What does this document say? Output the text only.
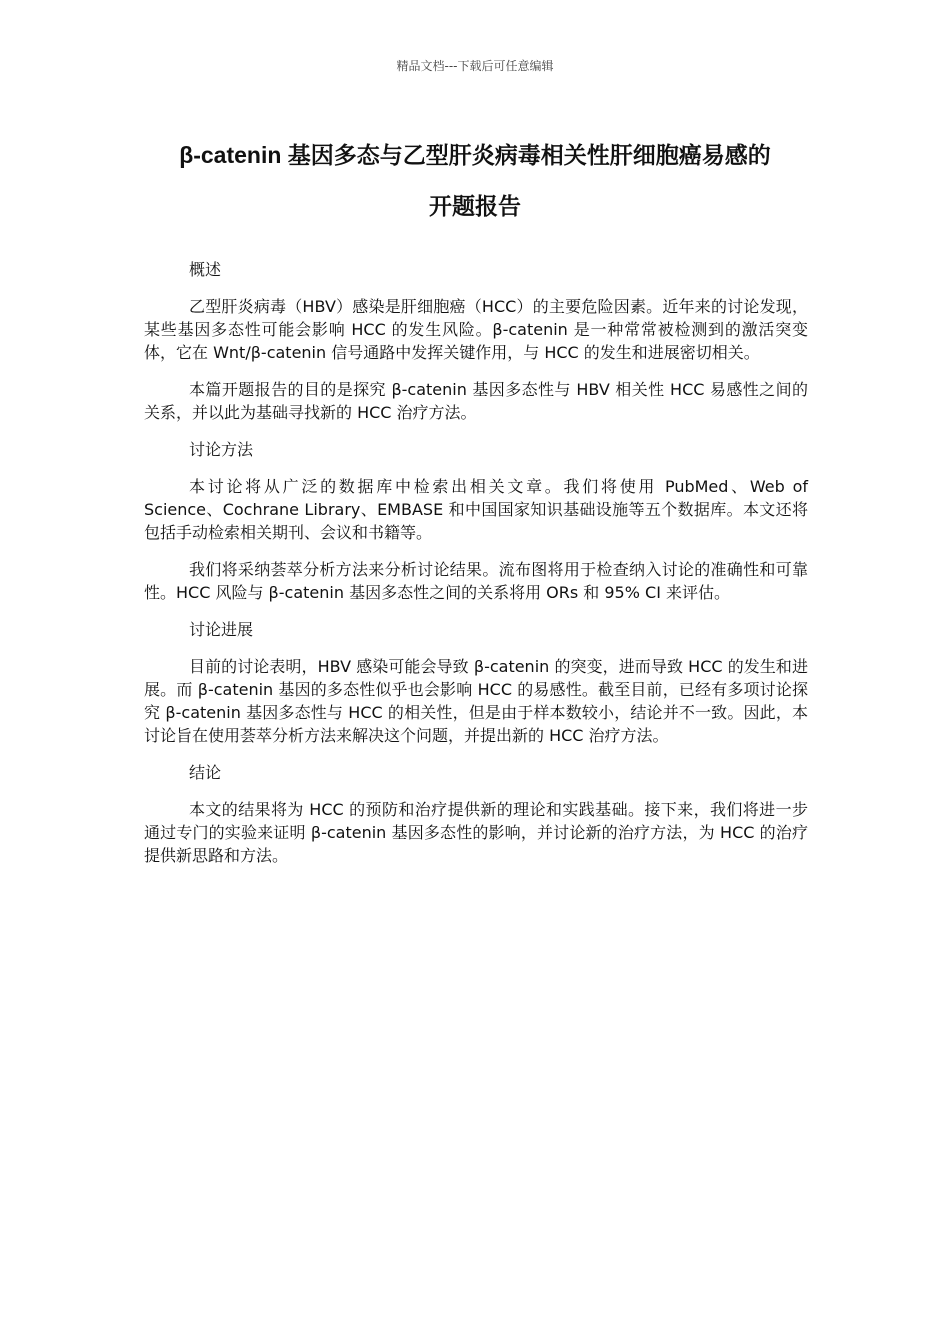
精品文档---下载后可任意编辑
β-catenin 基因多态与乙型肝炎病毒相关性肝细胞癌易感的
开题报告

概述

乙型肝炎病毒（HBV）感染是肝细胞癌（HCC）的主要危险因素。近年来的讨论发现，某些基因多态性可能会影响 HCC 的发生风险。β-catenin 是一种常常被检测到的激活突变体，它在 Wnt/β-catenin 信号通路中发挥关键作用，与 HCC 的发生和进展密切相关。

本篇开题报告的目的是探究 β-catenin 基因多态性与 HBV 相关性 HCC 易感性之间的关系，并以此为基础寻找新的 HCC 治疗方法。

讨论方法

本讨论将从广泛的数据库中检索出相关文章。我们将使用 PubMed、Web of Science、Cochrane Library、EMBASE 和中国国家知识基础设施等五个数据库。本文还将包括手动检索相关期刊、会议和书籍等。

我们将采纳荟萃分析方法来分析讨论结果。流布图将用于检查纳入讨论的准确性和可靠性。HCC 风险与 β-catenin 基因多态性之间的关系将用 ORs 和 95% CI 来评估。

讨论进展

目前的讨论表明，HBV 感染可能会导致 β-catenin 的突变，进而导致 HCC 的发生和进展。而 β-catenin 基因的多态性似乎也会影响 HCC 的易感性。截至目前，已经有多项讨论探究 β-catenin 基因多态性与 HCC 的相关性，但是由于样本数较小，结论并不一致。因此，本讨论旨在使用荟萃分析方法来解决这个问题，并提出新的 HCC 治疗方法。

结论

本文的结果将为 HCC 的预防和治疗提供新的理论和实践基础。接下来，我们将进一步通过专门的实验来证明 β-catenin 基因多态性的影响，并讨论新的治疗方法，为 HCC 的治疗提供新思路和方法。
